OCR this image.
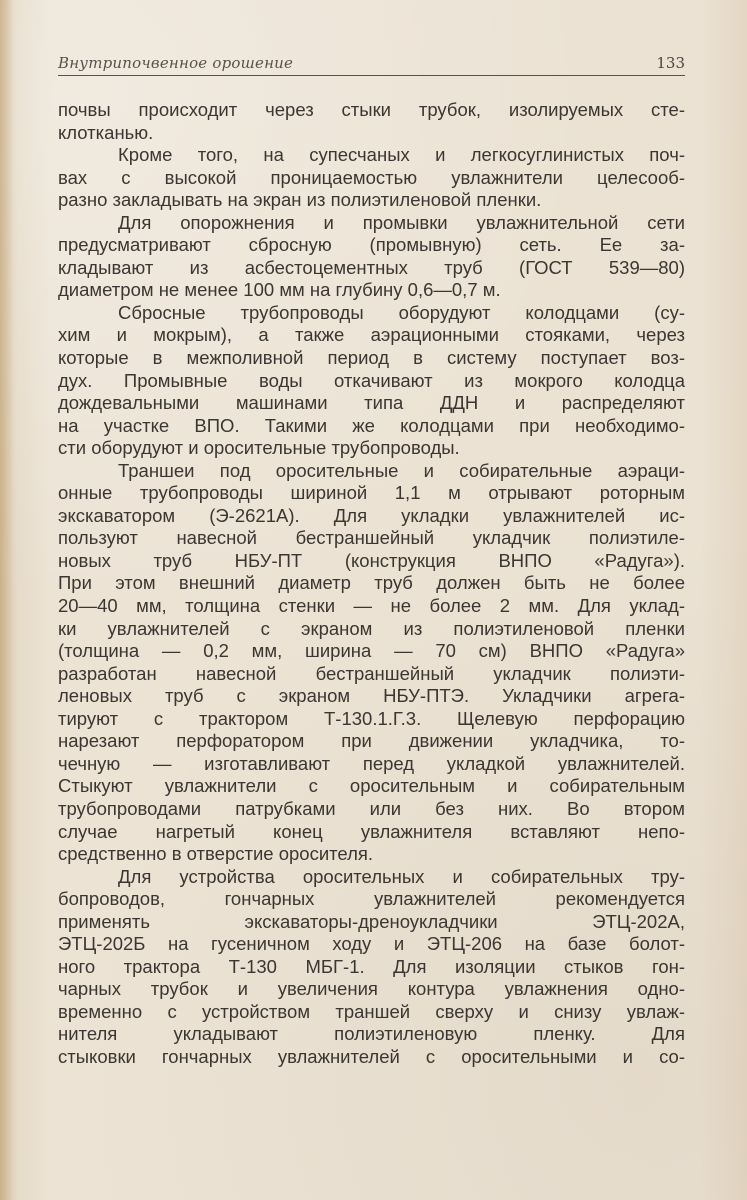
Внутрипочвенное орошение	133
почвы происходит через стыки трубок, изолируемых сте-
клотканью.
Кроме того, на супесчаных и легкосуглинистых поч-
вах с высокой проницаемостью увлажнители целесооб-
разно закладывать на экран из полиэтиленовой пленки.
Для опорожнения и промывки увлажнительной сети
предусматривают сбросную (промывную) сеть. Ее за-
кладывают из асбестоцементных труб (ГОСТ 539—80)
диаметром не менее 100 мм на глубину 0,6—0,7 м.
Сбросные трубопроводы оборудуют колодцами (су-
хим и мокрым), а также аэрационными стояками, через
которые в межполивной период в систему поступает воз-
дух. Промывные воды откачивают из мокрого колодца
дождевальными машинами типа ДДН и распределяют
на участке ВПО. Такими же колодцами при необходимо-
сти оборудуют и оросительные трубопроводы.
Траншеи под оросительные и собирательные аэраци-
онные трубопроводы шириной 1,1 м отрывают роторным
экскаватором (Э-2621А). Для укладки увлажнителей ис-
пользуют навесной бестраншейный укладчик полиэтиле-
новых труб НБУ-ПТ (конструкция ВНПО «Радуга»).
При этом внешний диаметр труб должен быть не более
20—40 мм, толщина стенки — не более 2 мм. Для уклад-
ки увлажнителей с экраном из полиэтиленовой пленки
(толщина — 0,2 мм, ширина — 70 см) ВНПО «Радуга»
разработан навесной бестраншейный укладчик полиэти-
леновых труб с экраном НБУ-ПТЭ. Укладчики агрега-
тируют с трактором Т-130.1.Г.3. Щелевую перфорацию
нарезают перфоратором при движении укладчика, то-
чечную — изготавливают перед укладкой увлажнителей.
Стыкуют увлажнители с оросительным и собирательным
трубопроводами патрубками или без них. Во втором
случае нагретый конец увлажнителя вставляют непо-
средственно в отверстие оросителя.
Для устройства оросительных и собирательных тру-
бопроводов, гончарных увлажнителей рекомендуется
применять экскаваторы-дреноукладчики ЭТЦ-202А,
ЭТЦ-202Б на гусеничном ходу и ЭТЦ-206 на базе болот-
ного трактора Т-130 МБГ-1. Для изоляции стыков гон-
чарных трубок и увеличения контура увлажнения одно-
временно с устройством траншей сверху и снизу увлаж-
нителя укладывают полиэтиленовую пленку. Для
стыковки гончарных увлажнителей с оросительными и со-
